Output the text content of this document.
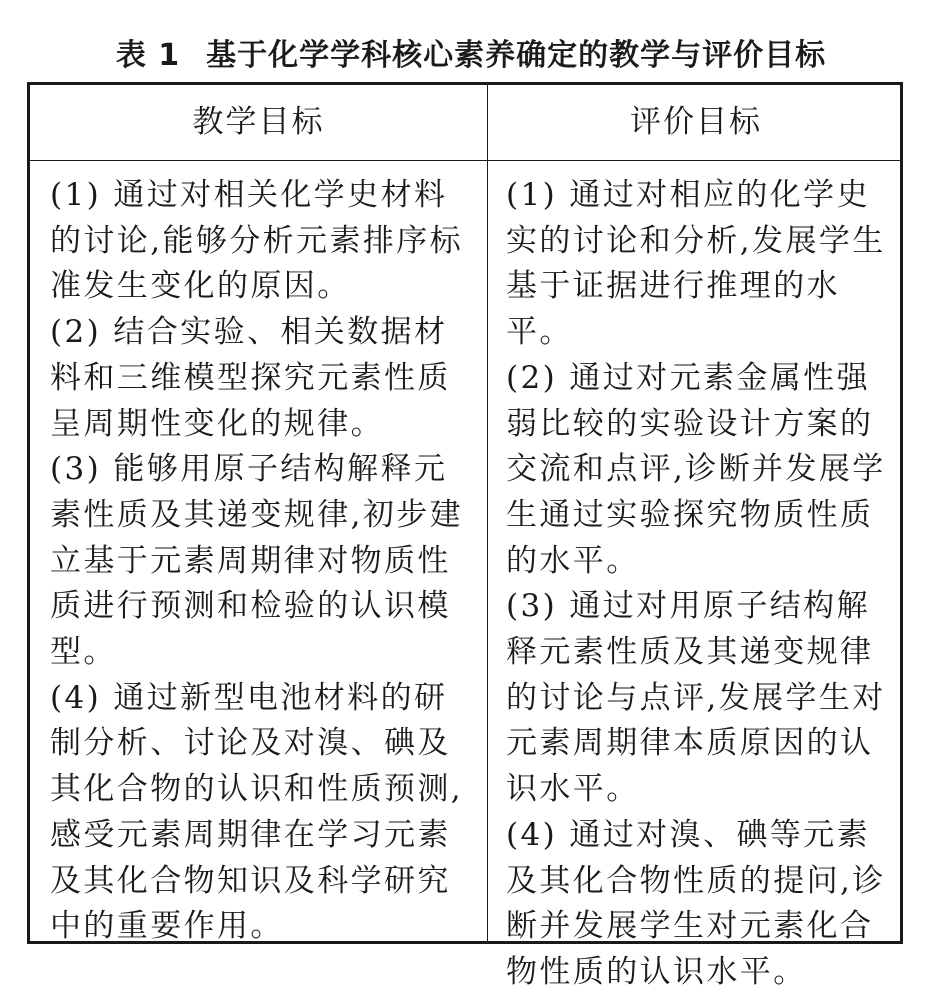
表 1 基于化学学科核心素养确定的教学与评价目标
教学目标	评价目标

(1) 通过对相关化学史材料的讨论,能够分析元素排序标准发生变化的原因。

(2) 结合实验、相关数据材料和三维模型探究元素性质呈周期性变化的规律。

(3) 能够用原子结构解释元素性质及其递变规律,初步建立基于元素周期律对物质性质进行预测和检验的认识模型。

(4) 通过新型电池材料的研制分析、讨论及对溴、碘及其化合物的认识和性质预测,感受元素周期律在学习元素及其化合物知识及科学研究中的重要作用。

(1) 通过对相应的化学史实的讨论和分析,发展学生基于证据进行推理的水平。

(2) 通过对元素金属性强弱比较的实验设计方案的交流和点评,诊断并发展学生通过实验探究物质性质的水平。

(3) 通过对用原子结构解释元素性质及其递变规律的讨论与点评,发展学生对元素周期律本质原因的认识水平。

(4) 通过对溴、碘等元素及其化合物性质的提问,诊断并发展学生对元素化合物性质的认识水平。
